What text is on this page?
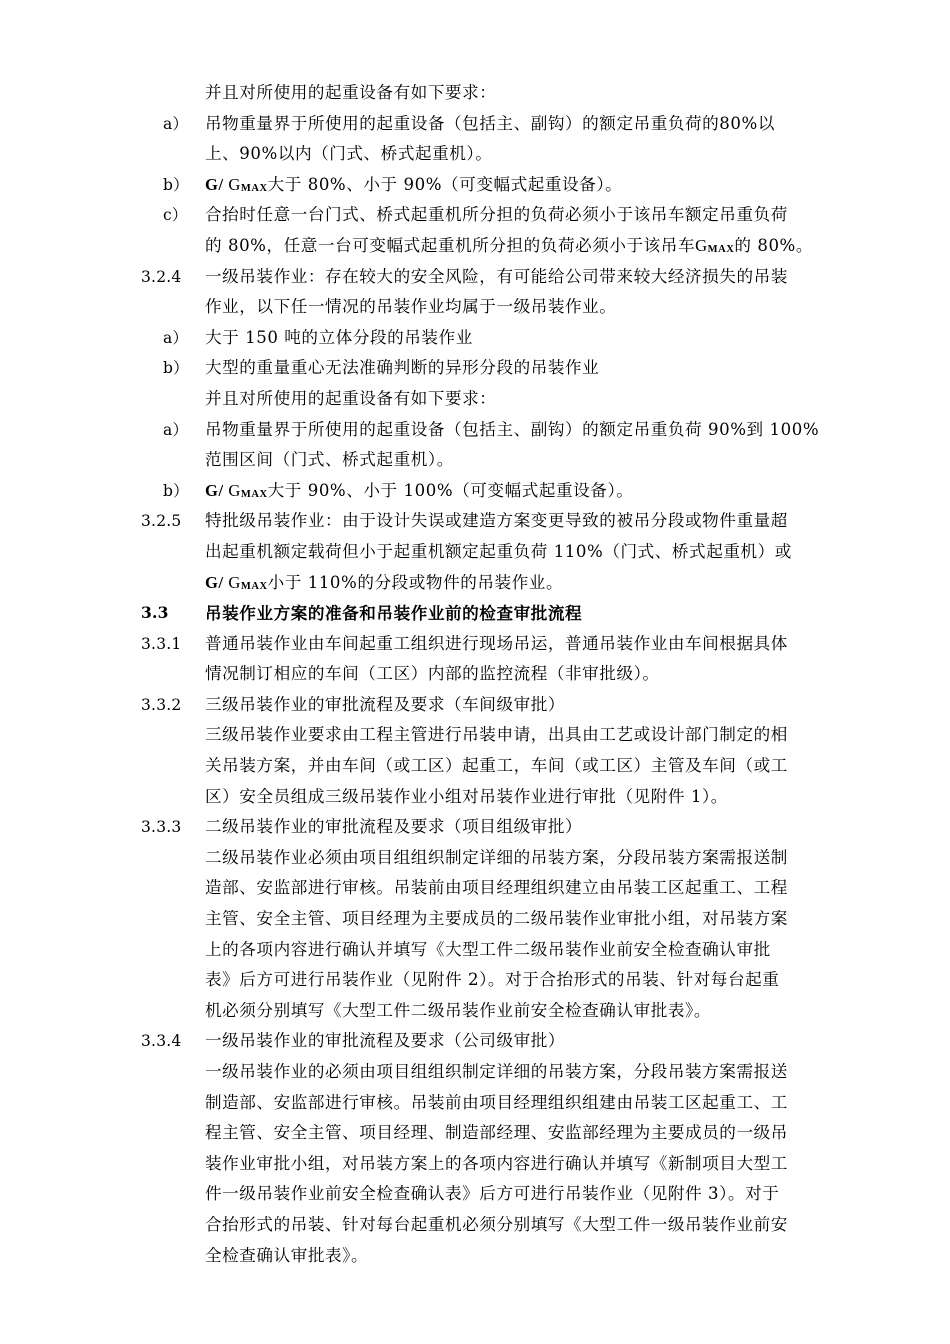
并且对所使用的起重设备有如下要求：
a） 吊物重量界于所使用的起重设备（包括主、副钩）的额定吊重负荷的80%以
上、90%以内（门式、桥式起重机）。
b） G/ $G_{MAX}$大于 80%、小于 90%（可变幅式起重设备）。
c） 合抬时任意一台门式、桥式起重机所分担的负荷必须小于该吊车额定吊重负荷
的 80%，任意一台可变幅式起重机所分担的负荷必须小于该吊车$G_{MAX}$的 80%。
3.2.4 一级吊装作业：存在较大的安全风险，有可能给公司带来较大经济损失的吊装
作业，以下任一情况的吊装作业均属于一级吊装作业。
a） 大于 150 吨的立体分段的吊装作业
b） 大型的重量重心无法准确判断的异形分段的吊装作业
并且对所使用的起重设备有如下要求：
a） 吊物重量界于所使用的起重设备（包括主、副钩）的额定吊重负荷 90%到 100%
范围区间（门式、桥式起重机）。
b） G/ $G_{MAX}$大于 90%、小于 100%（可变幅式起重设备）。
3.2.5 特批级吊装作业：由于设计失误或建造方案变更导致的被吊分段或物件重量超
出起重机额定载荷但小于起重机额定起重负荷 110%（门式、桥式起重机）或
G/ $G_{MAX}$小于 110%的分段或物件的吊装作业。
3.3 吊装作业方案的准备和吊装作业前的检查审批流程
3.3.1 普通吊装作业由车间起重工组织进行现场吊运，普通吊装作业由车间根据具体
情况制订相应的车间（工区）内部的监控流程（非审批级）。
3.3.2 三级吊装作业的审批流程及要求（车间级审批）
三级吊装作业要求由工程主管进行吊装申请，出具由工艺或设计部门制定的相
关吊装方案，并由车间（或工区）起重工，车间（或工区）主管及车间（或工
区）安全员组成三级吊装作业小组对吊装作业进行审批（见附件 1）。
3.3.3 二级吊装作业的审批流程及要求（项目组级审批）
二级吊装作业必须由项目组组织制定详细的吊装方案，分段吊装方案需报送制
造部、安监部进行审核。吊装前由项目经理组织建立由吊装工区起重工、工程
主管、安全主管、项目经理为主要成员的二级吊装作业审批小组，对吊装方案
上的各项内容进行确认并填写《大型工件二级吊装作业前安全检查确认审批
表》后方可进行吊装作业（见附件 2）。对于合抬形式的吊装、针对每台起重
机必须分别填写《大型工件二级吊装作业前安全检查确认审批表》。
3.3.4 一级吊装作业的审批流程及要求（公司级审批）
一级吊装作业的必须由项目组组织制定详细的吊装方案，分段吊装方案需报送
制造部、安监部进行审核。吊装前由项目经理组织组建由吊装工区起重工、工
程主管、安全主管、项目经理、制造部经理、安监部经理为主要成员的一级吊
装作业审批小组，对吊装方案上的各项内容进行确认并填写《新制项目大型工
件一级吊装作业前安全检查确认表》后方可进行吊装作业（见附件 3）。对于
合抬形式的吊装、针对每台起重机必须分别填写《大型工件一级吊装作业前安
全检查确认审批表》。
